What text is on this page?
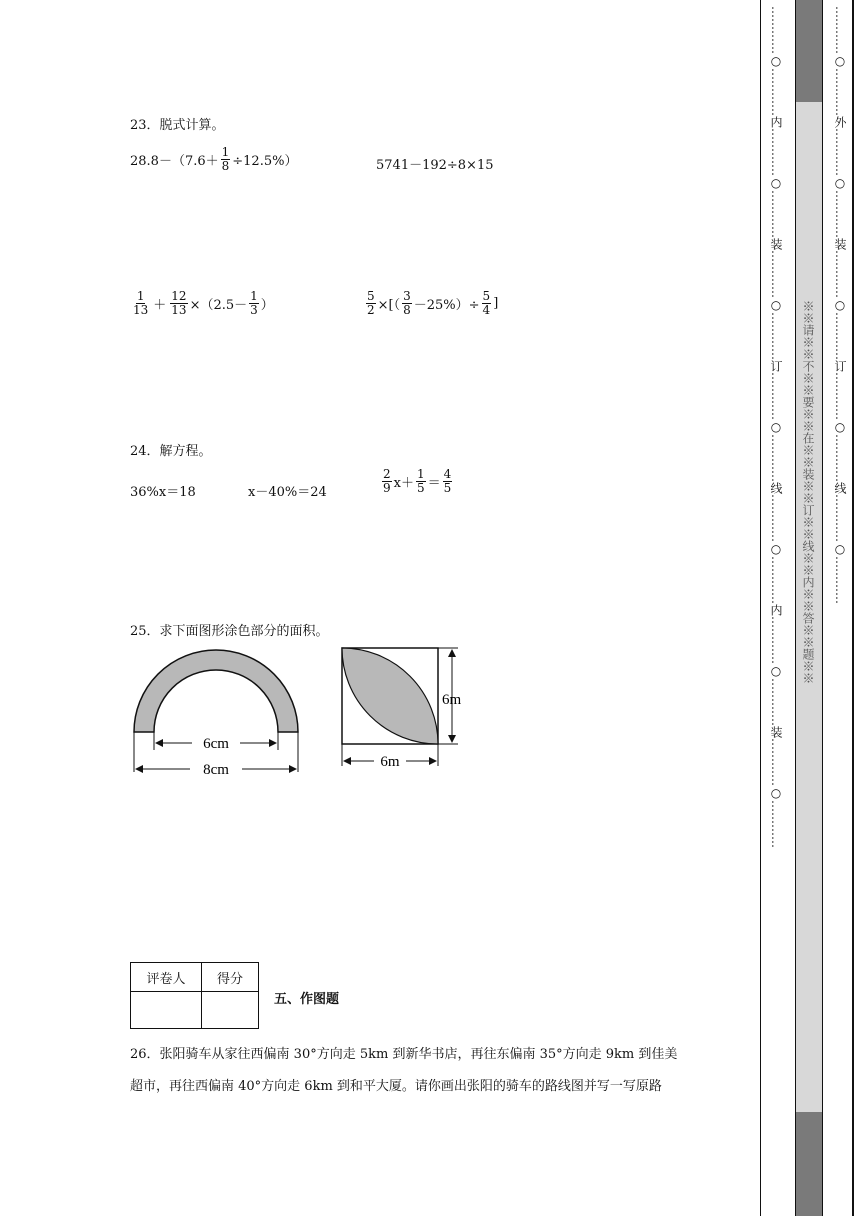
23．脱式计算。
$28.8-(7.6+ \frac{1}{8} \div 12.5\%)$	5741－192÷8×15
$\frac{1}{13} + \frac{12}{13} \times(2.5- \frac{1}{3}$ ）	$\frac{5}{2}$ ×[（ $\frac{3}{8} -25\%)\div \frac{5}{4}$ ]
24．解方程。
36%x＝18	x－40%＝24	$\frac{2}{9} x+ \frac{1}{5} = \frac{4}{5}$
25．求下面图形涂色部分的面积。
6cm
8cm
6m
6m
评卷人	得分

五、作图题
26．张阳骑车从家往西偏南 30°方向走 5km 到新华书店，再往东偏南 35°方向走 9km 到佳美
超市，再往西偏南 40°方向走 6km 到和平大厦。请你画出张阳的骑车的路线图并写一写原路
…………○…………内…………○…………装…………○…………订…………○…………线…………○…………内…………○…………装…………○………… ※※请※※不※※要※※在※※装※※订※※线※※内※※答※※题※※ …………○…………外…………○…………装…………○…………订…………○…………线…………○…………
